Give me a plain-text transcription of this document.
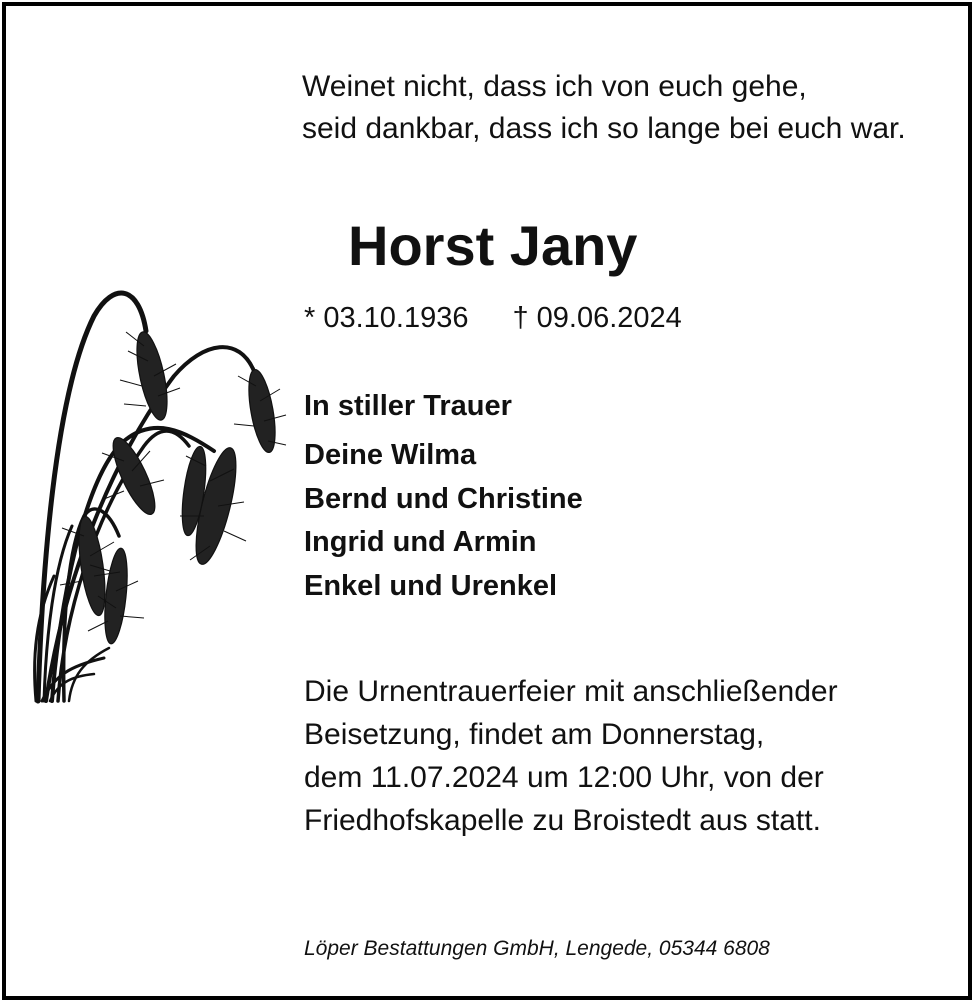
Weinet nicht, dass ich von euch gehe,
seid dankbar, dass ich so lange bei euch war.
Horst Jany
* 03.10.1936 † 09.06.2024
In stiller Trauer
Deine Wilma
Bernd und Christine
Ingrid und Armin
Enkel und Urenkel
Die Urnentrauerfeier mit anschließender
Beisetzung, findet am Donnerstag,
dem 11.07.2024 um 12:00 Uhr, von der
Friedhofskapelle zu Broistedt aus statt.
Löper Bestattungen GmbH, Lengede, 05344 6808
